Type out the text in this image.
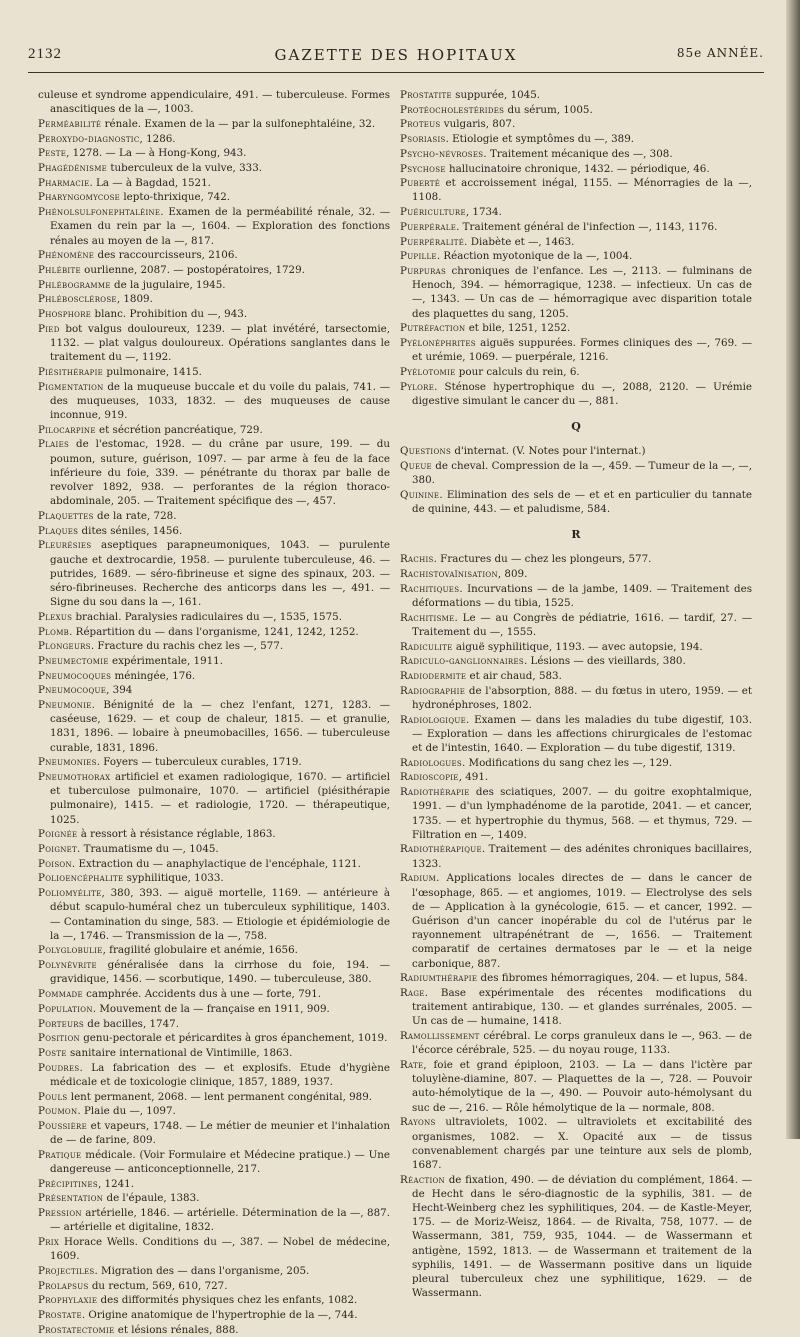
2132	GAZETTE DES HOPITAUX	85e ANNÉE.
culeuse et syndrome appendiculaire, 491. — tuberculeuse. Formes anascitiques de la —, 1003.
Perméabilité rénale. Examen de la — par la sulfonephtaléine, 32.
Peroxydo-diagnostic, 1286.
Peste, 1278. — La — à Hong-Kong, 943.
Phagédénisme tuberculeux de la vulve, 333.
Pharmacie. La — à Bagdad, 1521.
Pharyngomycose lepto-thrixique, 742.
Phénolsulfonephtaléine. Examen de la perméabilité rénale, 32. — Examen du rein par la —, 1604. — Exploration des fonctions rénales au moyen de la —, 817.
Phénomène des raccourcisseurs, 2106.
Phlébite ourlienne, 2087. — postopératoires, 1729.
Phlébogramme de la jugulaire, 1945.
Phlébosclérose, 1809.
Phosphore blanc. Prohibition du —, 943.
Pied bot valgus douloureux, 1239. — plat invétéré, tarsectomie, 1132. — plat valgus douloureux. Opérations sanglantes dans le traitement du —, 1192.
Piésithérapie pulmonaire, 1415.
Pigmentation de la muqueuse buccale et du voile du palais, 741. — des muqueuses, 1033, 1832. — des muqueuses de cause inconnue, 919.
Pilocarpine et sécrétion pancréatique, 729.
Plaies de l'estomac, 1928. — du crâne par usure, 199. — du poumon, suture, guérison, 1097. — par arme à feu de la face inférieure du foie, 339. — pénétrante du thorax par balle de revolver 1892, 938. — perforantes de la région thoraco-abdominale, 205. — Traitement spécifique des —, 457.
Plaquettes de la rate, 728.
Plaques dites séniles, 1456.
Pleurésies aseptiques parapneumoniques, 1043. — purulente gauche et dextrocardie, 1958. — purulente tuberculeuse, 46. — putrides, 1689. — séro-fibrineuse et signe des spinaux, 203. — séro-fibrineuses. Recherche des anticorps dans les —, 491. — Signe du sou dans la —, 161.
Plexus brachial. Paralysies radiculaires du —, 1535, 1575.
Plomb. Répartition du — dans l'organisme, 1241, 1242, 1252.
Plongeurs. Fracture du rachis chez les —, 577.
Pneumectomie expérimentale, 1911.
Pneumocoques méningée, 176.
Pneumocoque, 394
Pneumonie. Bénignité de la — chez l'enfant, 1271, 1283. — caséeuse, 1629. — et coup de chaleur, 1815. — et granulie, 1831, 1896. — lobaire à pneumobacilles, 1656. — tuberculeuse curable, 1831, 1896.
Pneumonies. Foyers — tuberculeux curables, 1719.
Pneumothorax artificiel et examen radiologique, 1670. — artificiel et tuberculose pulmonaire, 1070. — artificiel (piésithérapie pulmonaire), 1415. — et radiologie, 1720. — thérapeutique, 1025.
Poignée à ressort à résistance réglable, 1863.
Poignet. Traumatisme du —, 1045.
Poison. Extraction du — anaphylactique de l'encéphale, 1121.
Polioencéphalite syphilitique, 1033.
Poliomyélite, 380, 393. — aiguë mortelle, 1169. — antérieure à début scapulo-huméral chez un tuberculeux syphilitique, 1403. — Contamination du singe, 583. — Etiologie et épidémiologie de la —, 1746. — Transmission de la —, 758.
Polyglobulie, fragilité globulaire et anémie, 1656.
Polynévrite généralisée dans la cirrhose du foie, 194. — gravidique, 1456. — scorbutique, 1490. — tuberculeuse, 380.
Pommade camphrée. Accidents dus à une — forte, 791.
Population. Mouvement de la — française en 1911, 909.
Porteurs de bacilles, 1747.
Position genu-pectorale et péricardites à gros épanchement, 1019.
Poste sanitaire international de Vintimille, 1863.
Poudres. La fabrication des — et explosifs. Etude d'hygiène médicale et de toxicologie clinique, 1857, 1889, 1937.
Pouls lent permanent, 2068. — lent permanent congénital, 989.
Poumon. Plaie du —, 1097.
Poussière et vapeurs, 1748. — Le métier de meunier et l'inhalation de — de farine, 809.
Pratique médicale. (Voir Formulaire et Médecine pratique.) — Une dangereuse — anticonceptionnelle, 217.
Précipitines, 1241.
Présentation de l'épaule, 1383.
Pression artérielle, 1846. — artérielle. Détermination de la —, 887. — artérielle et digitaline, 1832.
Prix Horace Wells. Conditions du —, 387. — Nobel de médecine, 1609.
Projectiles. Migration des — dans l'organisme, 205.
Prolapsus du rectum, 569, 610, 727.
Prophylaxie des difformités physiques chez les enfants, 1082.
Prostate. Origine anatomique de l'hypertrophie de la —, 744.
Prostatectomie et lésions rénales, 888.
Prostatite suppurée, 1045.
Protéocholestérides du sérum, 1005.
Proteus vulgaris, 807.
Psoriasis. Etiologie et symptômes du —, 389.
Psycho-névroses. Traitement mécanique des —, 308.
Psychose hallucinatoire chronique, 1432. — périodique, 46.
Puberté et accroissement inégal, 1155. — Ménorragies de la —, 1108.
Puériculture, 1734.
Puerpérale. Traitement général de l'infection —, 1143, 1176.
Puerpéralité. Diabète et —, 1463.
Pupille. Réaction myotonique de la —, 1004.
Purpuras chroniques de l'enfance. Les —, 2113. — fulminans de Henoch, 394. — hémorragique, 1238. — infectieux. Un cas de —, 1343. — Un cas de — hémorragique avec disparition totale des plaquettes du sang, 1205.
Putréfaction et bile, 1251, 1252.
Pyélonéphrites aiguës suppurées. Formes cliniques des —, 769. — et urémie, 1069. — puerpérale, 1216.
Pyélotomie pour calculs du rein, 6.
Pylore. Sténose hypertrophique du —, 2088, 2120. — Urémie digestive simulant le cancer du —, 881.
Q
Questions d'internat. (V. Notes pour l'internat.)
Queue de cheval. Compression de la —, 459. — Tumeur de la —, —, 380.
Quinine. Elimination des sels de — et et en particulier du tannate de quinine, 443. — et paludisme, 584.
R
Rachis. Fractures du — chez les plongeurs, 577.
Rachistovaïnisation, 809.
Rachitiques. Incurvations — de la jambe, 1409. — Traitement des déformations — du tibia, 1525.
Rachitisme. Le — au Congrès de pédiatrie, 1616. — tardif, 27. — Traitement du —, 1555.
Radiculite aiguë syphilitique, 1193. — avec autopsie, 194.
Radiculo-ganglionnaires. Lésions — des vieillards, 380.
Radiodermite et air chaud, 583.
Radiographie de l'absorption, 888. — du fœtus in utero, 1959. — et hydronéphroses, 1802.
Radiologique. Examen — dans les maladies du tube digestif, 103. — Exploration — dans les affections chirurgicales de l'estomac et de l'intestin, 1640. — Exploration — du tube digestif, 1319.
Radiologues. Modifications du sang chez les —, 129.
Radioscopie, 491.
Radiothérapie des sciatiques, 2007. — du goitre exophtalmique, 1991. — d'un lymphadénome de la parotide, 2041. — et cancer, 1735. — et hypertrophie du thymus, 568. — et thymus, 729. — Filtration en —, 1409.
Radiothérapique. Traitement — des adénites chroniques bacillaires, 1323.
Radium. Applications locales directes de — dans le cancer de l'œsophage, 865. — et angiomes, 1019. — Electrolyse des sels de — Application à la gynécologie, 615. — et cancer, 1992. — Guérison d'un cancer inopérable du col de l'utérus par le rayonnement ultrapénétrant de —, 1656. — Traitement comparatif de certaines dermatoses par le — et la neige carbonique, 887.
Radiumthérapie des fibromes hémorragiques, 204. — et lupus, 584.
Rage. Base expérimentale des récentes modifications du traitement antirabique, 130. — et glandes surrénales, 2005. — Un cas de — humaine, 1418.
Ramollissement cérébral. Le corps granuleux dans le —, 963. — de l'écorce cérébrale, 525. — du noyau rouge, 1133.
Rate, foie et grand épiploon, 2103. — La — dans l'ictère par toluylène-diamine, 807. — Plaquettes de la —, 728. — Pouvoir auto-hémolytique de la —, 490. — Pouvoir auto-hémolysant du suc de —, 216. — Rôle hémolytique de la — normale, 808.
Rayons ultraviolets, 1002. — ultraviolets et excitabilité des organismes, 1082. — X. Opacité aux — de tissus convenablement chargés par une teinture aux sels de plomb, 1687.
Réaction de fixation, 490. — de déviation du complément, 1864. — de Hecht dans le séro-diagnostic de la syphilis, 381. — de Hecht-Weinberg chez les syphilitiques, 204. — de Kastle-Meyer, 175. — de Moriz-Weisz, 1864. — de Rivalta, 758, 1077. — de Wassermann, 381, 759, 935, 1044. — de Wassermann et antigène, 1592, 1813. — de Wassermann et traitement de la syphilis, 1491. — de Wassermann positive dans un liquide pleural tuberculeux chez une syphilitique, 1629. — de Wassermann.
